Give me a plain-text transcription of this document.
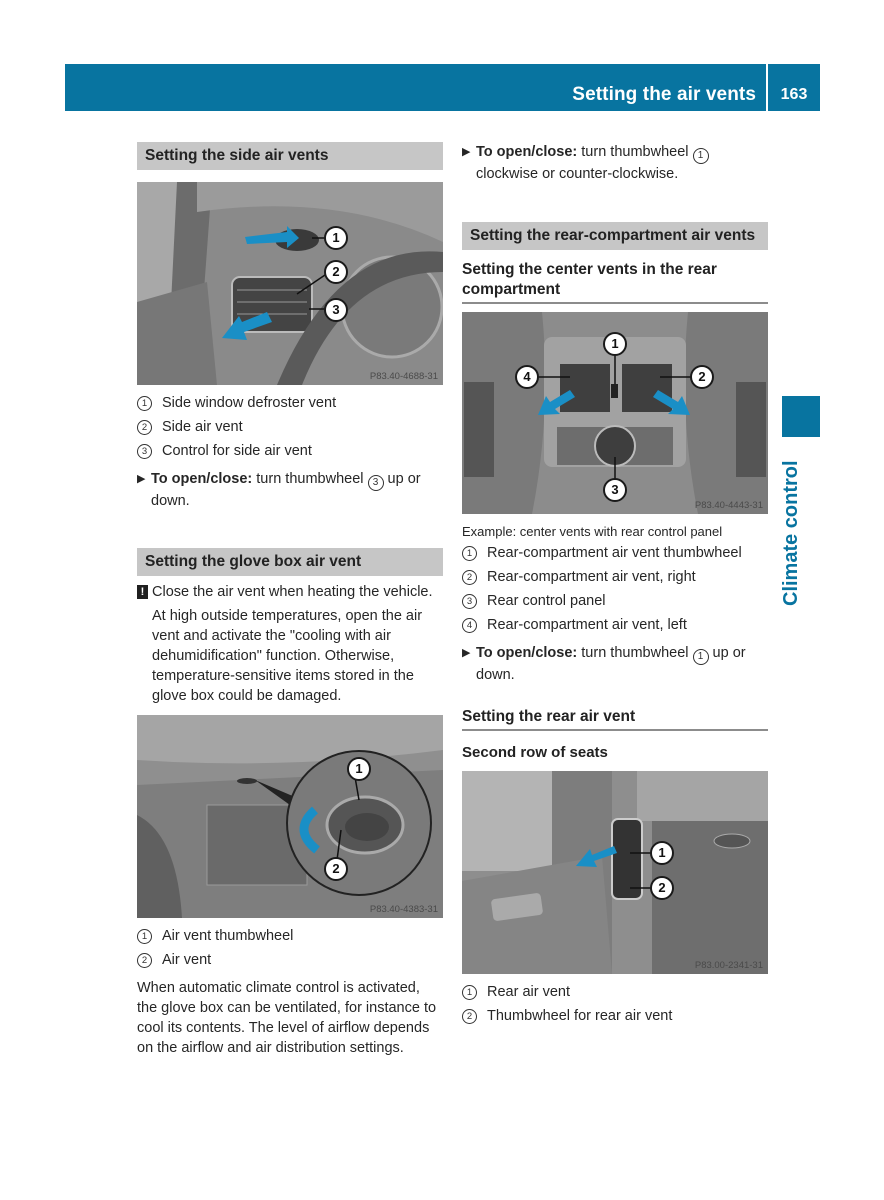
Setting the air vents	163
Climate control
Setting the side air vents
1
2
3
P83.40-4688-31
1	Side window defroster vent
2	Side air vent
3	Control for side air vent
▶ To open/close: turn thumbwheel 3 up or down.
Setting the glove box air vent
! Close the air vent when heating the vehicle.
At high outside temperatures, open the air vent and activate the "cooling with air dehumidification" function. Otherwise, temperature-sensitive items stored in the glove box could be damaged.
1
2
P83.40-4383-31
1	Air vent thumbwheel
2	Air vent
When automatic climate control is activated, the glove box can be ventilated, for instance to cool its contents. The level of airflow depends on the airflow and air distribution settings.
▶ To open/close: turn thumbwheel 1 clockwise or counter-clockwise.
Setting the rear-compartment air vents
Setting the center vents in the rear compartment
1
2
3
4
P83.40-4443-31
Example: center vents with rear control panel
1	Rear-compartment air vent thumbwheel
2	Rear-compartment air vent, right
3	Rear control panel
4	Rear-compartment air vent, left
▶ To open/close: turn thumbwheel 1 up or down.
Setting the rear air vent
Second row of seats
1
2
P83.00-2341-31
1	Rear air vent
2	Thumbwheel for rear air vent
